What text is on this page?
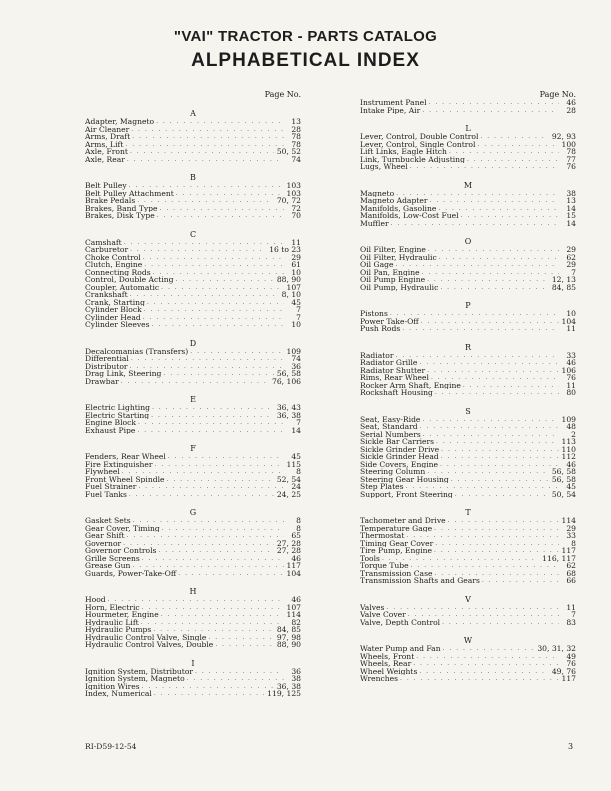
"VAI" TRACTOR - PARTS CATALOG
ALPHABETICAL INDEX
Page No.
A
Adapter, Magneto . . .	13
Air Cleaner . . .	28
Arms, Draft . . .	78
Arms, Lift . . .	78
Axle, Front . . .	50, 52
Axle, Rear . . .	74
B
Belt Pulley . . .	103
Belt Pulley Attachment . . .	103
Brake Pedals . . .	70, 72
Brakes, Band Type . . .	72
Brakes, Disk Type . . .	70
C
Camshaft . . .	11
Carburetor . . .	16 to 23
Choke Control . . .	29
Clutch, Engine . . .	61
Connecting Rods . . .	10
Control, Double Acting . . .	88, 90
Coupler, Automatic . . .	107
Crankshaft . . .	8, 10
Crank, Starting . . .	45
Cylinder Block . . .	7
Cylinder Head . . .	7
Cylinder Sleeves . . .	10
D
Decalcomanias (Transfers) . . .	109
Differential . . .	74
Distributor . . .	36
Drag Link, Steering . . .	56, 58
Drawbar . . .	76, 106
E
Electric Lighting . . .	36, 43
Electric Starting . . .	36, 38
Engine Block . . .	7
Exhaust Pipe . . .	14
F
Fenders, Rear Wheel . . .	45
Fire Extinguisher . . .	115
Flywheel . . .	8
Front Wheel Spindle . . .	52, 54
Fuel Strainer . . .	24
Fuel Tanks . . .	24, 25
G
Gasket Sets . . .	8
Gear Cover, Timing . . .	8
Gear Shift . . .	65
Governor . . .	27, 28
Governor Controls . . .	27, 28
Grille Screens . . .	46
Grease Gun . . .	117
Guards, Power-Take-Off . . .	104
H
Hood . . .	46
Horn, Electric . . .	107
Hourmeter, Engine . . .	114
Hydraulic Lift . . .	82
Hydraulic Pumps . . .	84, 85
Hydraulic Control Valve, Single . . .	97, 98
Hydraulic Control Valves, Double . . .	88, 90
I
Ignition System, Distributor . . .	36
Ignition System, Magneto . . .	38
Ignition Wires . . .	36, 38
Index, Numerical . . .	119, 125
Page No.
Instrument Panel . . .	46
Intake Pipe, Air . . .	28
L
Lever, Control, Double Control . . .	92, 93
Lever, Control, Single Control . . .	100
Lift Links, Eagle Hitch . . .	78
Link, Turnbuckle Adjusting . . .	77
Lugs, Wheel . . .	76
M
Magneto . . .	38
Magneto Adapter . . .	13
Manifolds, Gasoline . . .	14
Manifolds, Low-Cost Fuel . . .	15
Muffler . . .	14
O
Oil Filter, Engine . . .	29
Oil Filter, Hydraulic . . .	62
Oil Gage . . .	29
Oil Pan, Engine . . .	7
Oil Pump Engine . . .	12, 13
Oil Pump, Hydraulic . . .	84, 85
P
Pistons . . .	10
Power Take-Off . . .	104
Push Rods . . .	11
R
Radiator . . .	33
Radiator Grille . . .	46
Radiator Shutter . . .	106
Rims, Rear Wheel . . .	76
Rocker Arm Shaft, Engine . . .	11
Rockshaft Housing . . .	80
S
Seat, Easy-Ride . . .	109
Seat, Standard . . .	48
Serial Numbers . . .	2
Sickle Bar Carriers . . .	113
Sickle Grinder Drive . . .	110
Sickle Grinder Head . . .	112
Side Covers, Engine . . .	46
Steering Column . . .	56, 58
Steering Gear Housing . . .	56, 58
Step Plates . . .	45
Support, Front Steering . . .	50, 54
T
Tachometer and Drive . . .	114
Temperature Gage . . .	29
Thermostat . . .	33
Timing Gear Cover . . .	8
Tire Pump, Engine . . .	117
Tools . . .	116, 117
Torque Tube . . .	62
Transmission Case . . .	68
Transmission Shafts and Gears . . .	66
V
Valves . . .	11
Valve Cover . . .	7
Valve, Depth Control . . .	83
W
Water Pump and Fan . . .	30, 31, 32
Wheels, Front . . .	49
Wheels, Rear . . .	76
Wheel Weights . . .	49, 76
Wrenches . . .	117
RI-D59-12-54	3
